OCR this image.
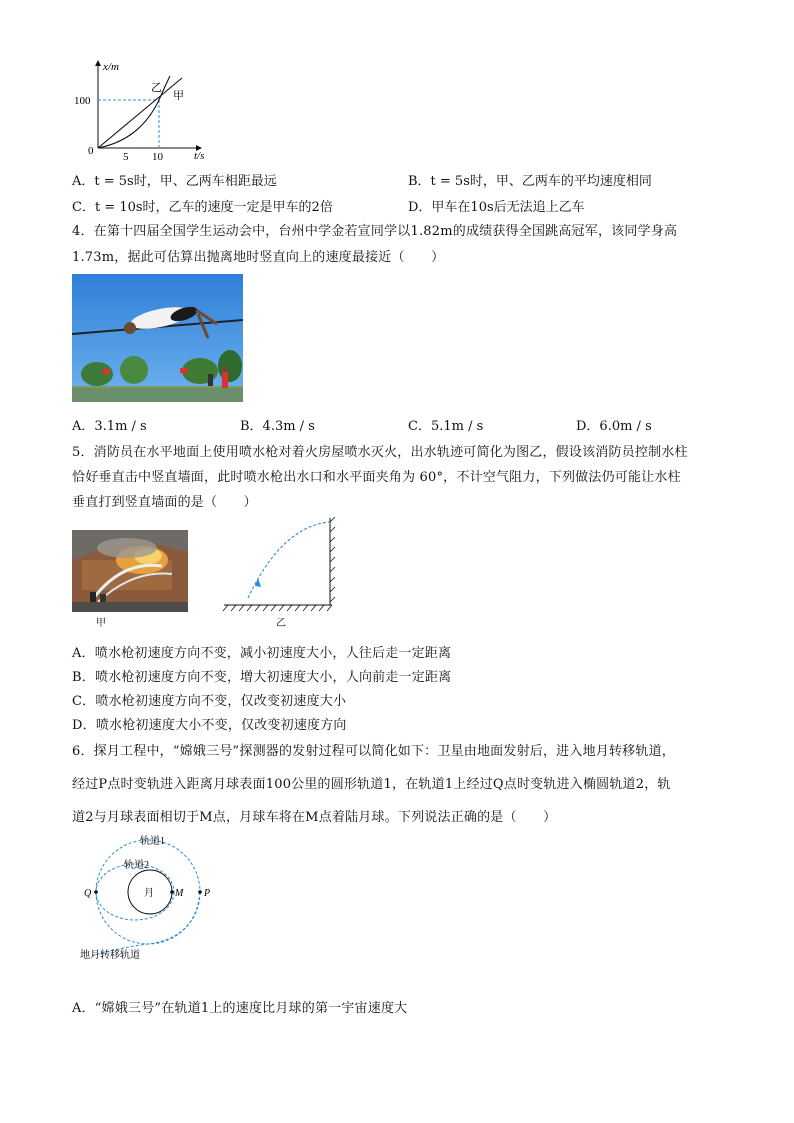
x/m
t/s
100
0	5 10
乙
甲
A．t = 5s时，甲、乙两车相距最远	B．t = 5s时，甲、乙两车的平均速度相同
C．t = 10s时，乙车的速度一定是甲车的2倍	D．甲车在10s后无法追上乙车
4．在第十四届全国学生运动会中，台州中学金若宣同学以1.82m的成绩获得全国跳高冠军，该同学身高
1.73m，据此可估算出抛离地时竖直向上的速度最接近（　　）
A．3.1m / s	B．4.3m / s	C．5.1m / s	D．6.0m / s
5．消防员在水平地面上使用喷水枪对着火房屋喷水灭火，出水轨迹可简化为图乙，假设该消防员控制水柱
恰好垂直击中竖直墙面，此时喷水枪出水口和水平面夹角为 60°，不计空气阻力，下列做法仍可能让水柱
垂直打到竖直墙面的是（　　）
甲	乙
A．喷水枪初速度方向不变，减小初速度大小，人往后走一定距离
B．喷水枪初速度方向不变，增大初速度大小，人向前走一定距离
C．喷水枪初速度方向不变，仅改变初速度大小
D．喷水枪初速度大小不变，仅改变初速度方向
6．探月工程中，“嫦娥三号”探测器的发射过程可以简化如下：卫星由地面发射后，进入地月转移轨道，
经过P点时变轨进入距离月球表面100公里的圆形轨道1，在轨道1上经过Q点时变轨进入椭圆轨道2，轨
道2与月球表面相切于M点，月球车将在M点着陆月球。下列说法正确的是（　　）
轨道1
轨道2
月
Q	M P
地月转移轨道
A．“嫦娥三号”在轨道1上的速度比月球的第一宇宙速度大
